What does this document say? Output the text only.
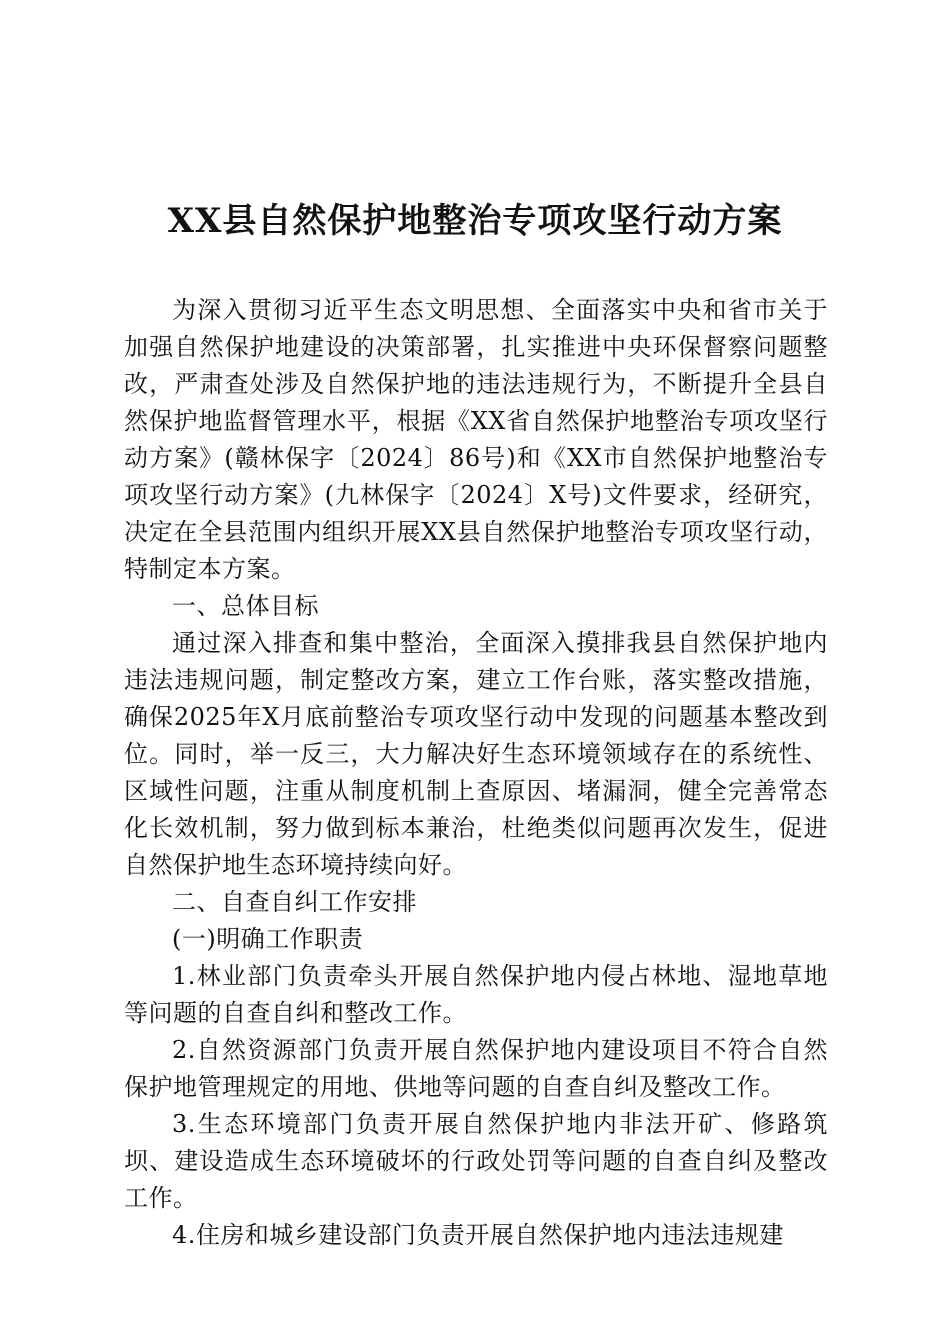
XX县自然保护地整治专项攻坚行动方案

为深入贯彻习近平生态文明思想、全面落实中央和省市关于加强自然保护地建设的决策部署，扎实推进中央环保督察问题整改，严肃查处涉及自然保护地的违法违规行为，不断提升全县自然保护地监督管理水平，根据《XX省自然保护地整治专项攻坚行动方案》(赣林保字〔2024〕86号)和《XX市自然保护地整治专项攻坚行动方案》(九林保字〔2024〕X号)文件要求，经研究，决定在全县范围内组织开展XX县自然保护地整治专项攻坚行动，特制定本方案。

一、总体目标

通过深入排查和集中整治，全面深入摸排我县自然保护地内违法违规问题，制定整改方案，建立工作台账，落实整改措施，确保2025年X月底前整治专项攻坚行动中发现的问题基本整改到位。同时，举一反三，大力解决好生态环境领域存在的系统性、区域性问题，注重从制度机制上查原因、堵漏洞，健全完善常态化长效机制，努力做到标本兼治，杜绝类似问题再次发生，促进自然保护地生态环境持续向好。

二、自查自纠工作安排

(一)明确工作职责

1.林业部门负责牵头开展自然保护地内侵占林地、湿地草地等问题的自查自纠和整改工作。

2.自然资源部门负责开展自然保护地内建设项目不符合自然保护地管理规定的用地、供地等问题的自查自纠及整改工作。

3.生态环境部门负责开展自然保护地内非法开矿、修路筑坝、建设造成生态环境破坏的行政处罚等问题的自查自纠及整改工作。

4.住房和城乡建设部门负责开展自然保护地内违法违规建
